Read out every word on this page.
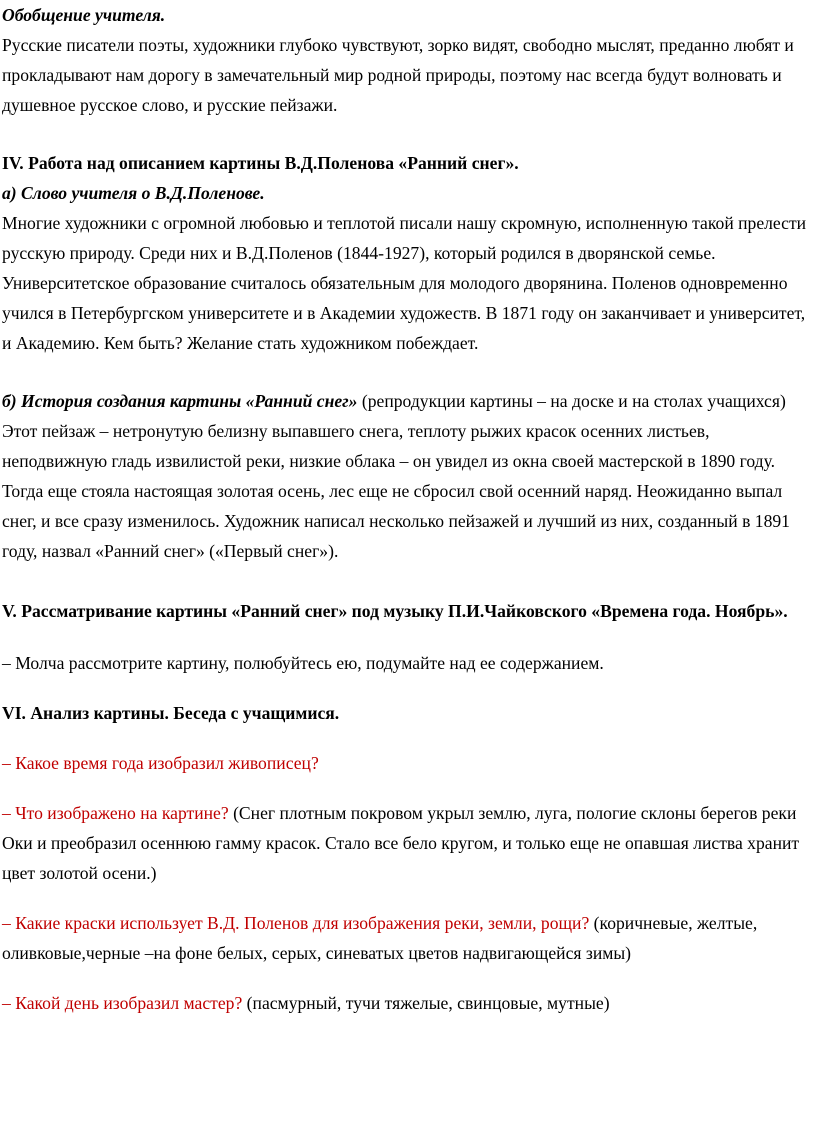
Обобщение учителя.

Русские писатели поэты, художники глубоко чувствуют, зорко видят, свободно мыслят, преданно любят и прокладывают нам дорогу в замечательный мир родной природы, поэтому нас всегда будут волновать и душевное русское слово, и русские пейзажи.

IV. Работа над описанием картины В.Д.Поленова «Ранний снег».

а) Слово учителя о В.Д.Поленове.

Многие художники с огромной любовью и теплотой писали нашу скромную, исполненную такой прелести русскую природу. Среди них и В.Д.Поленов (1844-1927), который родился в дворянской семье. Университетское образование считалось обязательным для молодого дворянина. Поленов одновременно учился в Петербургском университете и в Академии художеств. В 1871 году он заканчивает и университет, и Академию. Кем быть? Желание стать художником побеждает.

б) История создания картины «Ранний снег» (репродукции картины – на доске и на столах учащихся)

Этот пейзаж – нетронутую белизну выпавшего снега, теплоту рыжих красок осенних листьев, неподвижную гладь извилистой реки, низкие облака – он увидел из окна своей мастерской в 1890 году. Тогда еще стояла настоящая золотая осень, лес еще не сбросил свой осенний наряд. Неожиданно выпал снег, и все сразу изменилось. Художник написал несколько пейзажей и лучший из них, созданный в 1891 году, назвал «Ранний снег» («Первый снег»).

V. Рассматривание картины «Ранний снег» под музыку П.И.Чайковского «Времена года. Ноябрь».

– Молча рассмотрите картину, полюбуйтесь ею, подумайте над ее содержанием.

VI. Анализ картины. Беседа с учащимися.

– Какое время года изобразил живописец?

– Что изображено на картине? (Снег плотным покровом укрыл землю, луга, пологие склоны берегов реки Оки и преобразил осеннюю гамму красок. Стало все бело кругом, и только еще не опавшая листва хранит цвет золотой осени.)

– Какие краски использует В.Д. Поленов для изображения реки, земли, рощи? (коричневые, желтые, оливковые,черные –на фоне белых, серых, синеватых цветов надвигающейся зимы)

– Какой день изобразил мастер? (пасмурный, тучи тяжелые, свинцовые, мутные)
